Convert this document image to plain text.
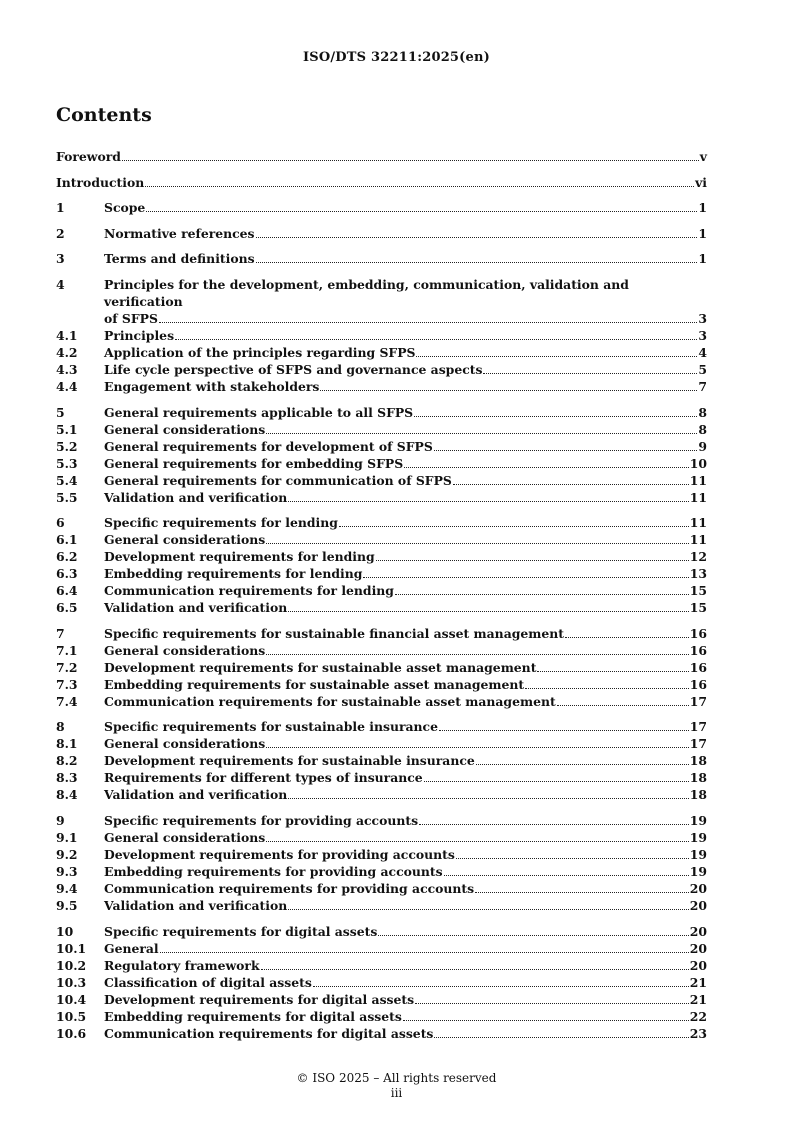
ISO/DTS 32211:2025(en)
Contents
Foreword	v
Introduction	vi
1	Scope	1
2	Normative references	1
3	Terms and definitions	1
4	Principles for the development, embedding, communication, validation and verification
of SFPS	3
4.1	Principles	3
4.2	Application of the principles regarding SFPS	4
4.3	Life cycle perspective of SFPS and governance aspects	5
4.4	Engagement with stakeholders	7
5	General requirements applicable to all SFPS	8
5.1	General considerations	8
5.2	General requirements for development of SFPS	9
5.3	General requirements for embedding SFPS	10
5.4	General requirements for communication of SFPS	11
5.5	Validation and verification	11
6	Specific requirements for lending	11
6.1	General considerations	11
6.2	Development requirements for lending	12
6.3	Embedding requirements for lending	13
6.4	Communication requirements for lending	15
6.5	Validation and verification	15
7	Specific requirements for sustainable financial asset management	16
7.1	General considerations	16
7.2	Development requirements for sustainable asset management	16
7.3	Embedding requirements for sustainable asset management	16
7.4	Communication requirements for sustainable asset management	17
8	Specific requirements for sustainable insurance	17
8.1	General considerations	17
8.2	Development requirements for sustainable insurance	18
8.3	Requirements for different types of insurance	18
8.4	Validation and verification	18
9	Specific requirements for providing accounts	19
9.1	General considerations	19
9.2	Development requirements for providing accounts	19
9.3	Embedding requirements for providing accounts	19
9.4	Communication requirements for providing accounts	20
9.5	Validation and verification	20
10	Specific requirements for digital assets	20
10.1	General	20
10.2	Regulatory framework	20
10.3	Classification of digital assets	21
10.4	Development requirements for digital assets	21
10.5	Embedding requirements for digital assets	22
10.6	Communication requirements for digital assets	23
© ISO 2025 – All rights reserved
iii
